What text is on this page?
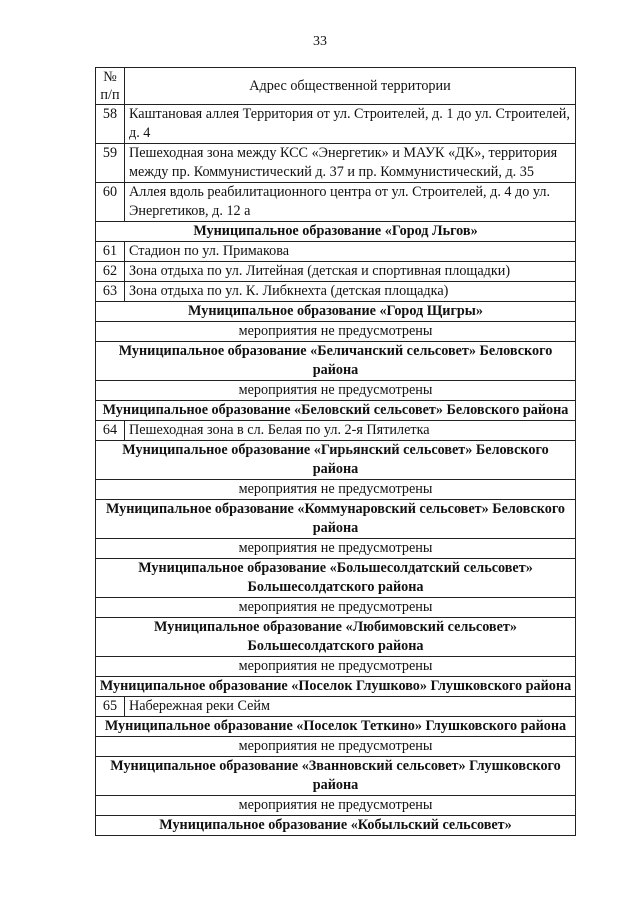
33
№
п/п	Адрес общественной территории
58	Каштановая аллея Территория от ул. Строителей, д. 1 до ул. Строителей, д. 4
59	Пешеходная зона между КСС «Энергетик» и МАУК «ДК», территория между пр. Коммунистический д. 37 и пр. Коммунистический, д. 35
60	Аллея вдоль реабилитационного центра от ул. Строителей, д. 4 до ул. Энергетиков, д. 12 а
Муниципальное образование «Город Льгов»	
61	Стадион по ул. Примакова
62	Зона отдыха по ул. Литейная (детская и спортивная площадки)
63	Зона отдыха по ул. К. Либкнехта (детская площадка)
Муниципальное образование «Город Щигры»	
мероприятия не предусмотрены	
Муниципальное образование «Беличанский сельсовет» Беловского района	
мероприятия не предусмотрены	
Муниципальное образование «Беловский сельсовет» Беловского района	
64	Пешеходная зона в сл. Белая по ул. 2-я Пятилетка
Муниципальное образование «Гирьянский сельсовет» Беловского района	
мероприятия не предусмотрены	
Муниципальное образование «Коммунаровский сельсовет» Беловского района	
мероприятия не предусмотрены	
Муниципальное образование «Большесолдатский сельсовет» Большесолдатского района	
мероприятия не предусмотрены	
Муниципальное образование «Любимовский сельсовет» Большесолдатского района	
мероприятия не предусмотрены	
Муниципальное образование «Поселок Глушково» Глушковского района	
65	Набережная реки Сейм
Муниципальное образование «Поселок Теткино» Глушковского района	
мероприятия не предусмотрены	
Муниципальное образование «Званновский сельсовет» Глушковского района	
мероприятия не предусмотрены	
Муниципальное образование «Кобыльский сельсовет»	
